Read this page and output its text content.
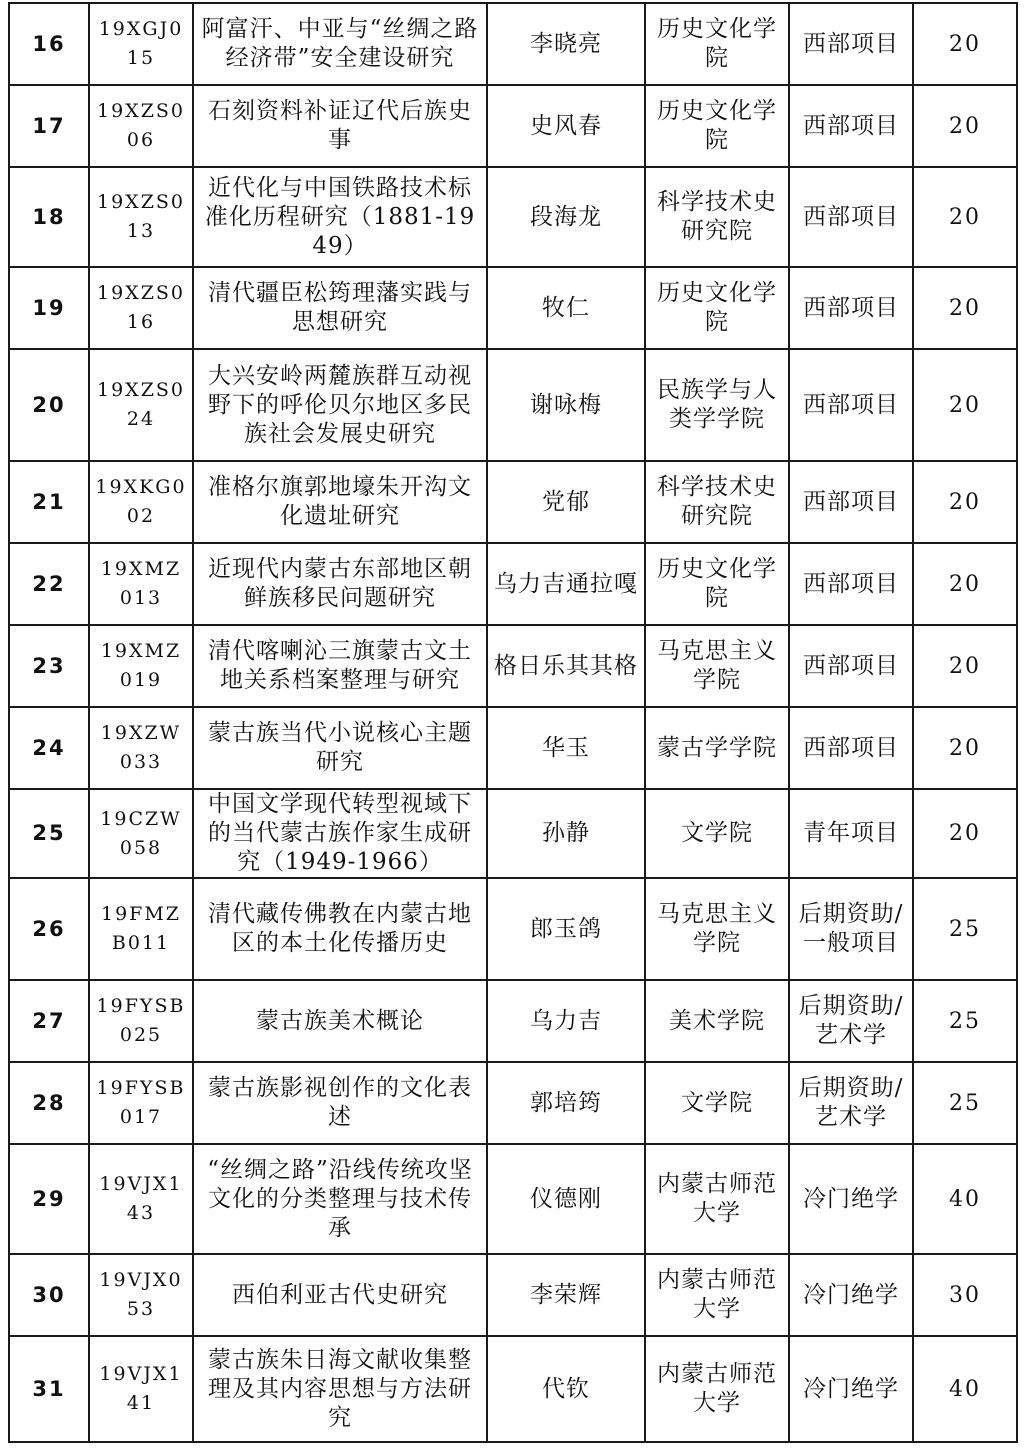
16	19XGJ015	阿富汗、中亚与“丝绸之路经济带”安全建设研究	李晓亮	历史文化学院	西部项目	20
17	19XZS006	石刻资料补证辽代后族史事	史风春	历史文化学院	西部项目	20
18	19XZS013	近代化与中国铁路技术标准化历程研究（1881-1949）	段海龙	科学技术史研究院	西部项目	20
19	19XZS016	清代疆臣松筠理藩实践与思想研究	牧仁	历史文化学院	西部项目	20
20	19XZS024	大兴安岭两麓族群互动视野下的呼伦贝尔地区多民族社会发展史研究	谢咏梅	民族学与人类学学院	西部项目	20
21	19XKG002	准格尔旗郭地壕朱开沟文化遗址研究	党郁	科学技术史研究院	西部项目	20
22	19XMZ013	近现代内蒙古东部地区朝鲜族移民问题研究	乌力吉通拉嘎	历史文化学院	西部项目	20
23	19XMZ019	清代喀喇沁三旗蒙古文土地关系档案整理与研究	格日乐其其格	马克思主义学院	西部项目	20
24	19XZW033	蒙古族当代小说核心主题研究	华玉	蒙古学学院	西部项目	20
25	19CZW058	中国文学现代转型视域下的当代蒙古族作家生成研究（1949-1966）	孙静	文学院	青年项目	20
26	19FMZB011	清代藏传佛教在内蒙古地区的本土化传播历史	郎玉鸽	马克思主义学院	后期资助/一般项目	25
27	19FYSB025	蒙古族美术概论	乌力吉	美术学院	后期资助/艺术学	25
28	19FYSB017	蒙古族影视创作的文化表述	郭培筠	文学院	后期资助/艺术学	25
29	19VJX143	“丝绸之路”沿线传统攻坚文化的分类整理与技术传承	仪德刚	内蒙古师范大学	冷门绝学	40
30	19VJX053	西伯利亚古代史研究	李荣辉	内蒙古师范大学	冷门绝学	30
31	19VJX141	蒙古族朱日海文献收集整理及其内容思想与方法研究	代钦	内蒙古师范大学	冷门绝学	40
